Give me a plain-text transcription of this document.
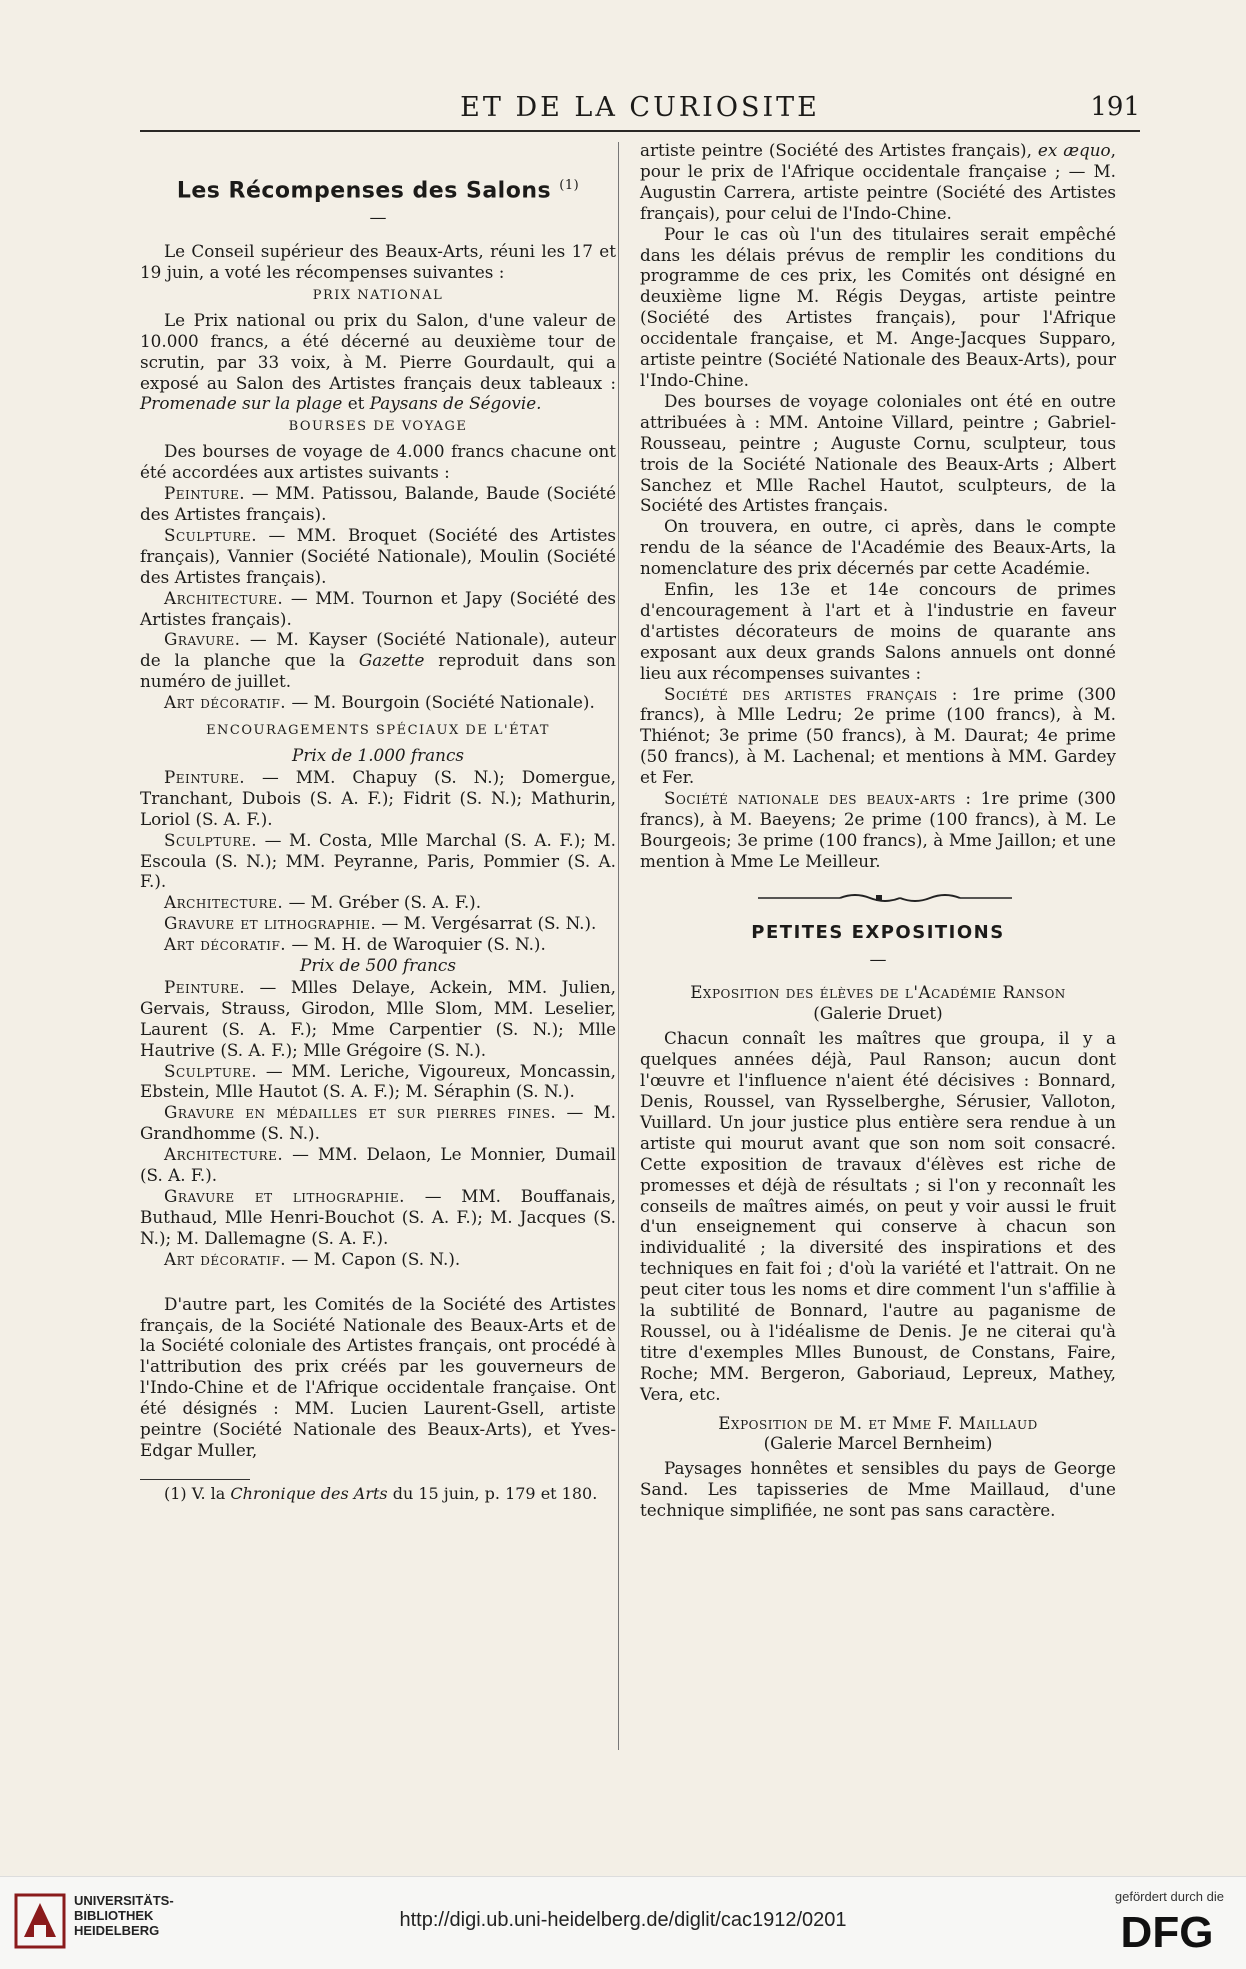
ET DE LA CURIOSITE	191
Les Récompenses des Salons $^{(1)}$
—

Le Conseil supérieur des Beaux-Arts, réuni les 17 et 19 juin, a voté les récompenses suivantes :

PRIX NATIONAL

Le Prix national ou prix du Salon, d'une valeur de 10.000 francs, a été décerné au deuxième tour de scrutin, par 33 voix, à M. Pierre Gourdault, qui a exposé au Salon des Artistes français deux tableaux : Promenade sur la plage et Paysans de Ségovie.

BOURSES DE VOYAGE

Des bourses de voyage de 4.000 francs chacune ont été accordées aux artistes suivants :

Peinture. — MM. Patissou, Balande, Baude (Société des Artistes français).

Sculpture. — MM. Broquet (Société des Artistes français), Vannier (Société Nationale), Moulin (Société des Artistes français).

Architecture. — MM. Tournon et Japy (Société des Artistes français).

Gravure. — M. Kayser (Société Nationale), auteur de la planche que la Gazette reproduit dans son numéro de juillet.

Art décoratif. — M. Bourgoin (Société Nationale).

ENCOURAGEMENTS SPÉCIAUX DE L'ÉTAT
Prix de 1.000 francs

Peinture. — MM. Chapuy (S. N.); Domergue, Tranchant, Dubois (S. A. F.); Fidrit (S. N.); Mathurin, Loriol (S. A. F.).

Sculpture. — M. Costa, Mlle Marchal (S. A. F.); M. Escoula (S. N.); MM. Peyranne, Paris, Pommier (S. A. F.).

Architecture. — M. Gréber (S. A. F.).

Gravure et lithographie. — M. Vergésarrat (S. N.).

Art décoratif. — M. H. de Waroquier (S. N.).

Prix de 500 francs

Peinture. — Mlles Delaye, Ackein, MM. Julien, Gervais, Strauss, Girodon, Mlle Slom, MM. Leselier, Laurent (S. A. F.); Mme Carpentier (S. N.); Mlle Hautrive (S. A. F.); Mlle Grégoire (S. N.).

Sculpture. — MM. Leriche, Vigoureux, Moncassin, Ebstein, Mlle Hautot (S. A. F.); M. Séraphin (S. N.).

Gravure en médailles et sur pierres fines. — M. Grandhomme (S. N.).

Architecture. — MM. Delaon, Le Monnier, Dumail (S. A. F.).

Gravure et lithographie. — MM. Bouffanais, Buthaud, Mlle Henri-Bouchot (S. A. F.); M. Jacques (S. N.); M. Dallemagne (S. A. F.).

Art décoratif. — M. Capon (S. N.).

D'autre part, les Comités de la Société des Artistes français, de la Société Nationale des Beaux-Arts et de la Société coloniale des Artistes français, ont procédé à l'attribution des prix créés par les gouverneurs de l'Indo-Chine et de l'Afrique occidentale française. Ont été désignés : MM. Lucien Laurent-Gsell, artiste peintre (Société Nationale des Beaux-Arts), et Yves-Edgar Muller,

(1) V. la Chronique des Arts du 15 juin, p. 179 et 180.

artiste peintre (Société des Artistes français), ex æquo, pour le prix de l'Afrique occidentale française ; — M. Augustin Carrera, artiste peintre (Société des Artistes français), pour celui de l'Indo-Chine.

Pour le cas où l'un des titulaires serait empêché dans les délais prévus de remplir les conditions du programme de ces prix, les Comités ont désigné en deuxième ligne M. Régis Deygas, artiste peintre (Société des Artistes français), pour l'Afrique occidentale française, et M. Ange-Jacques Supparo, artiste peintre (Société Nationale des Beaux-Arts), pour l'Indo-Chine.

Des bourses de voyage coloniales ont été en outre attribuées à : MM. Antoine Villard, peintre ; Gabriel-Rousseau, peintre ; Auguste Cornu, sculpteur, tous trois de la Société Nationale des Beaux-Arts ; Albert Sanchez et Mlle Rachel Hautot, sculpteurs, de la Société des Artistes français.

On trouvera, en outre, ci après, dans le compte rendu de la séance de l'Académie des Beaux-Arts, la nomenclature des prix décernés par cette Académie.

Enfin, les 13e et 14e concours de primes d'encouragement à l'art et à l'industrie en faveur d'artistes décorateurs de moins de quarante ans exposant aux deux grands Salons annuels ont donné lieu aux récompenses suivantes :

Société des artistes français : 1re prime (300 francs), à Mlle Ledru; 2e prime (100 francs), à M. Thiénot; 3e prime (50 francs), à M. Daurat; 4e prime (50 francs), à M. Lachenal; et mentions à MM. Gardey et Fer.

Société nationale des beaux-arts : 1re prime (300 francs), à M. Baeyens; 2e prime (100 francs), à M. Le Bourgeois; 3e prime (100 francs), à Mme Jaillon; et une mention à Mme Le Meilleur.

PETITES EXPOSITIONS
—
Exposition des élèves de l'Académie Ranson
(Galerie Druet)

Chacun connaît les maîtres que groupa, il y a quelques années déjà, Paul Ranson; aucun dont l'œuvre et l'influence n'aient été décisives : Bonnard, Denis, Roussel, van Rysselberghe, Sérusier, Valloton, Vuillard. Un jour justice plus entière sera rendue à un artiste qui mourut avant que son nom soit consacré. Cette exposition de travaux d'élèves est riche de promesses et déjà de résultats ; si l'on y reconnaît les conseils de maîtres aimés, on peut y voir aussi le fruit d'un enseignement qui conserve à chacun son individualité ; la diversité des inspirations et des techniques en fait foi ; d'où la variété et l'attrait. On ne peut citer tous les noms et dire comment l'un s'affilie à la subtilité de Bonnard, l'autre au paganisme de Roussel, ou à l'idéalisme de Denis. Je ne citerai qu'à titre d'exemples Mlles Bunoust, de Constans, Faire, Roche; MM. Bergeron, Gaboriaud, Lepreux, Mathey, Vera, etc.

Exposition de M. et Mme F. Maillaud
(Galerie Marcel Bernheim)

Paysages honnêtes et sensibles du pays de George Sand. Les tapisseries de Mme Maillaud, d'une technique simplifiée, ne sont pas sans caractère.

UNIVERSITÄTS-
BIBLIOTHEK
HEIDELBERG	http://digi.ub.uni-heidelberg.de/diglit/cac1912/0201
gefördert durch die
DFG
